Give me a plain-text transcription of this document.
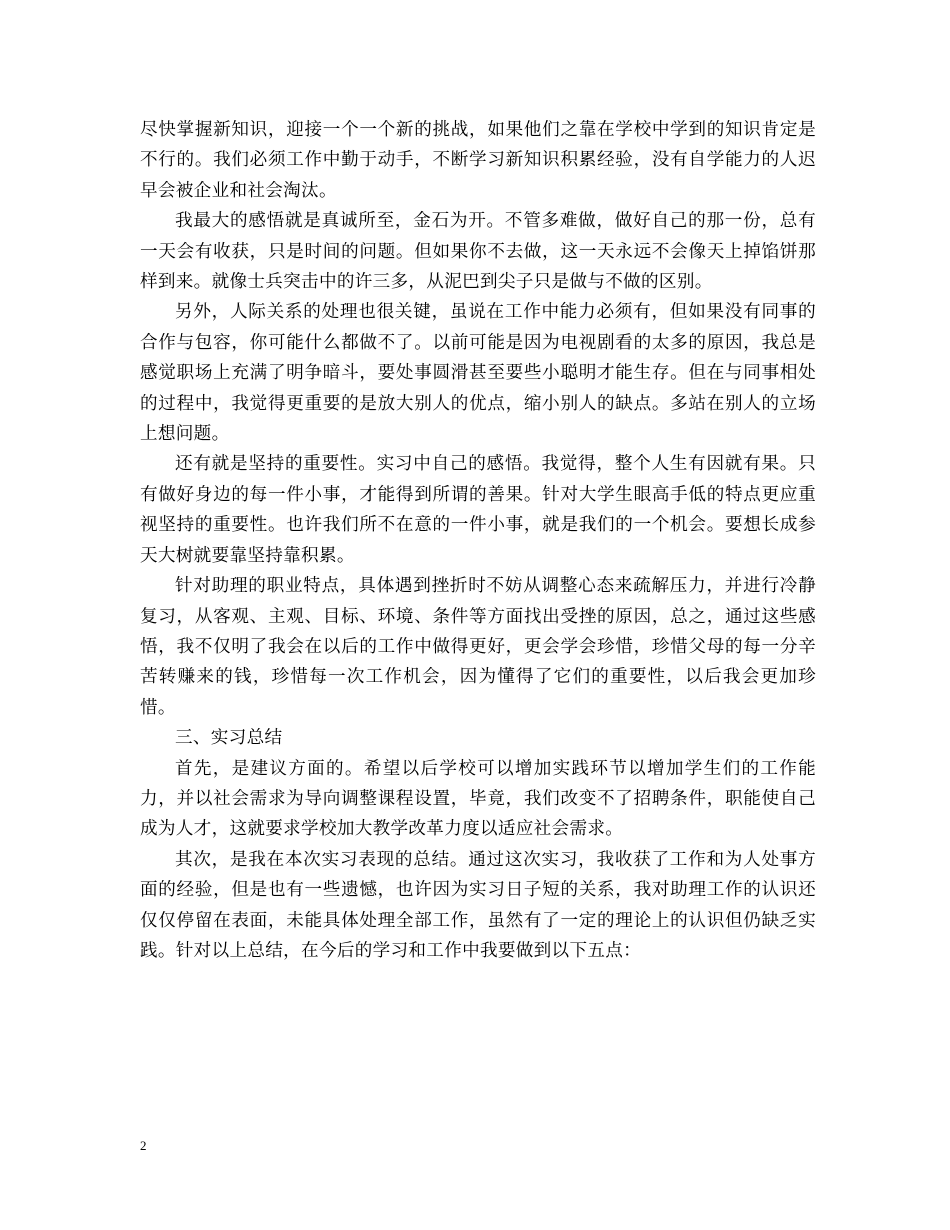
尽快掌握新知识，迎接一个一个新的挑战，如果他们之靠在学校中学到的知识肯定是不行的。我们必须工作中勤于动手，不断学习新知识积累经验，没有自学能力的人迟早会被企业和社会淘汰。

我最大的感悟就是真诚所至，金石为开。不管多难做，做好自己的那一份，总有一天会有收获，只是时间的问题。但如果你不去做，这一天永远不会像天上掉馅饼那样到来。就像士兵突击中的许三多，从泥巴到尖子只是做与不做的区别。

另外，人际关系的处理也很关键，虽说在工作中能力必须有，但如果没有同事的合作与包容，你可能什么都做不了。以前可能是因为电视剧看的太多的原因，我总是感觉职场上充满了明争暗斗，要处事圆滑甚至要些小聪明才能生存。但在与同事相处的过程中，我觉得更重要的是放大别人的优点，缩小别人的缺点。多站在别人的立场上想问题。

还有就是坚持的重要性。实习中自己的感悟。我觉得，整个人生有因就有果。只有做好身边的每一件小事，才能得到所谓的善果。针对大学生眼高手低的特点更应重视坚持的重要性。也许我们所不在意的一件小事，就是我们的一个机会。要想长成参天大树就要靠坚持靠积累。

针对助理的职业特点，具体遇到挫折时不妨从调整心态来疏解压力，并进行冷静复习，从客观、主观、目标、环境、条件等方面找出受挫的原因，总之，通过这些感悟，我不仅明了我会在以后的工作中做得更好，更会学会珍惜，珍惜父母的每一分辛苦转赚来的钱，珍惜每一次工作机会，因为懂得了它们的重要性，以后我会更加珍惜。

三、实习总结

首先，是建议方面的。希望以后学校可以增加实践环节以增加学生们的工作能力，并以社会需求为导向调整课程设置，毕竟，我们改变不了招聘条件，职能使自己成为人才，这就要求学校加大教学改革力度以适应社会需求。

其次，是我在本次实习表现的总结。通过这次实习，我收获了工作和为人处事方面的经验，但是也有一些遗憾，也许因为实习日子短的关系，我对助理工作的认识还仅仅停留在表面，未能具体处理全部工作，虽然有了一定的理论上的认识但仍缺乏实践。针对以上总结，在今后的学习和工作中我要做到以下五点：

2
